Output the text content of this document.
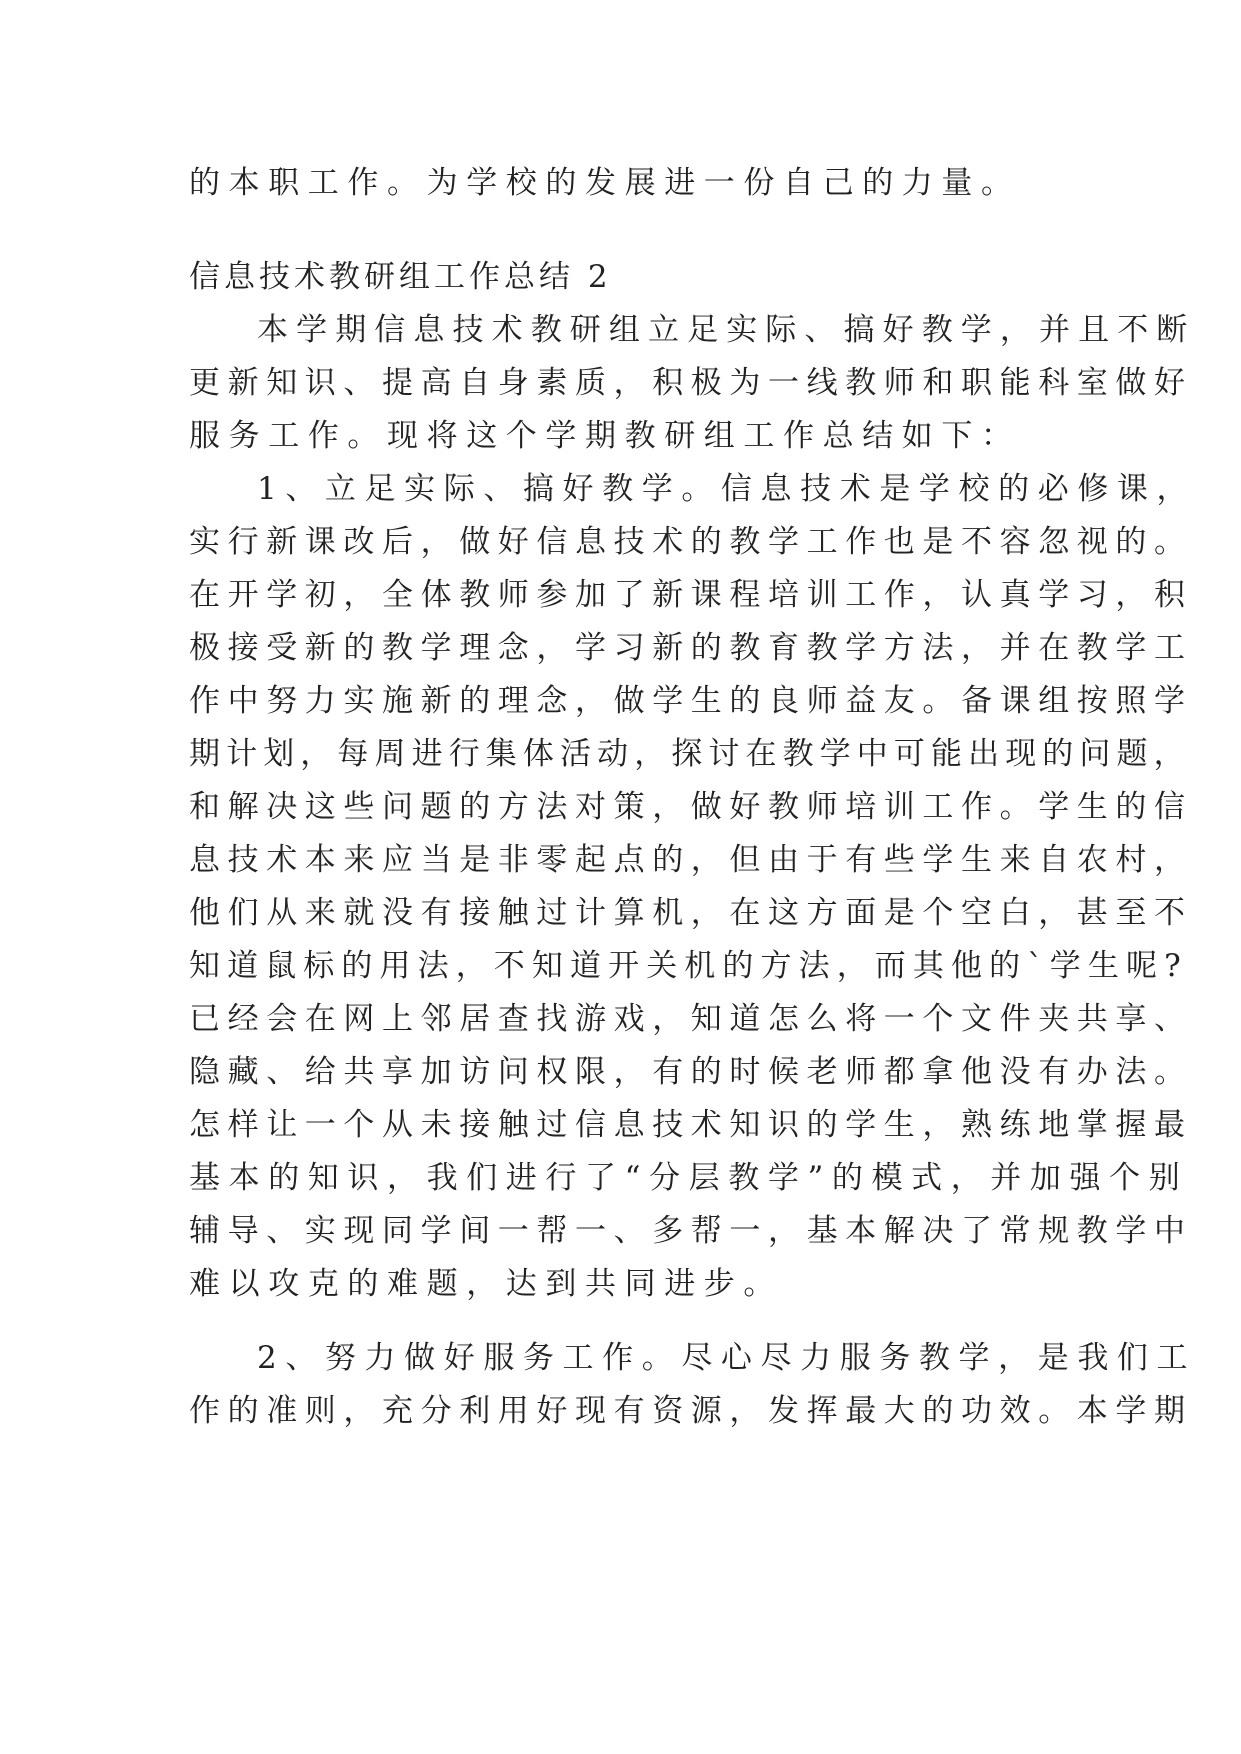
的本职工作。为学校的发展进一份自己的力量。
信息技术教研组工作总结 2
本学期信息技术教研组立足实际、搞好教学，并且不断
更新知识、提高自身素质，积极为一线教师和职能科室做好
服务工作。现将这个学期教研组工作总结如下：
1、立足实际、搞好教学。信息技术是学校的必修课，
实行新课改后，做好信息技术的教学工作也是不容忽视的。
在开学初，全体教师参加了新课程培训工作，认真学习，积
极接受新的教学理念，学习新的教育教学方法，并在教学工
作中努力实施新的理念，做学生的良师益友。备课组按照学
期计划，每周进行集体活动，探讨在教学中可能出现的问题，
和解决这些问题的方法对策，做好教师培训工作。学生的信
息技术本来应当是非零起点的，但由于有些学生来自农村，
他们从来就没有接触过计算机，在这方面是个空白，甚至不
知道鼠标的用法，不知道开关机的方法，而其他的`学生呢?
已经会在网上邻居查找游戏，知道怎么将一个文件夹共享、
隐藏、给共享加访问权限，有的时候老师都拿他没有办法。
怎样让一个从未接触过信息技术知识的学生，熟练地掌握最
基本的知识，我们进行了“分层教学”的模式，并加强个别
辅导、实现同学间一帮一、多帮一，基本解决了常规教学中
难以攻克的难题，达到共同进步。
2、努力做好服务工作。尽心尽力服务教学，是我们工
作的准则，充分利用好现有资源，发挥最大的功效。本学期
